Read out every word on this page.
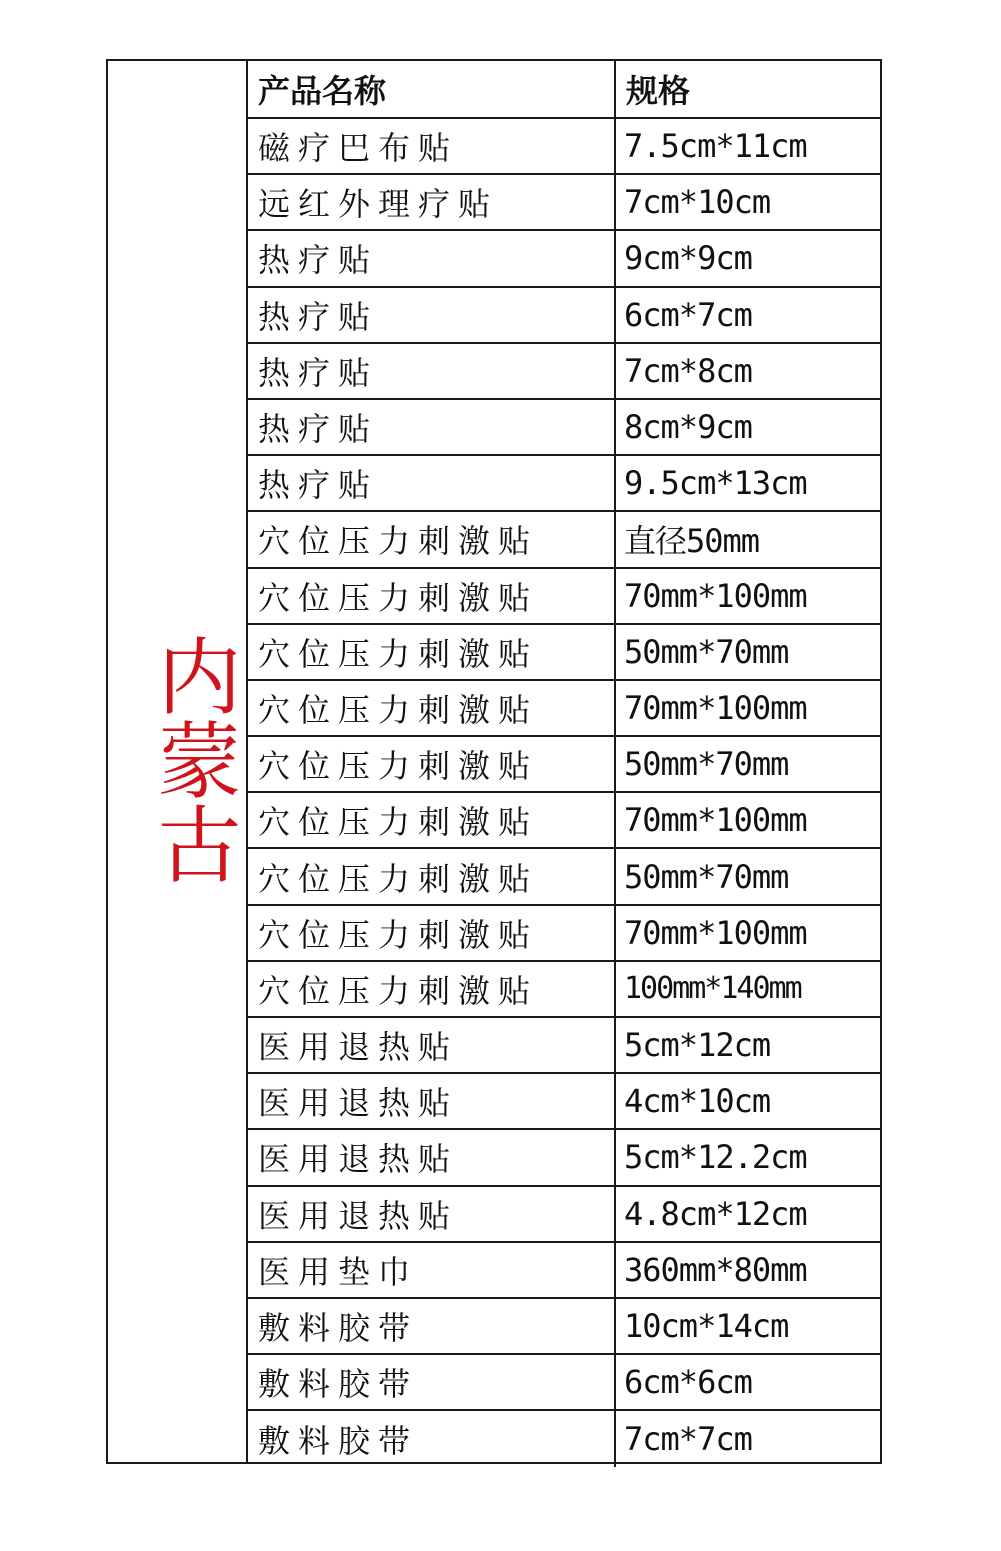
内蒙古
产品名称	规格
磁疗巴布贴	7.5cm*11cm
远红外理疗贴	7cm*10cm
热疗贴	9cm*9cm
热疗贴	6cm*7cm
热疗贴	7cm*8cm
热疗贴	8cm*9cm
热疗贴	9.5cm*13cm
穴位压力刺激贴	直径50mm
穴位压力刺激贴	70mm*100mm
穴位压力刺激贴	50mm*70mm
穴位压力刺激贴	70mm*100mm
穴位压力刺激贴	50mm*70mm
穴位压力刺激贴	70mm*100mm
穴位压力刺激贴	50mm*70mm
穴位压力刺激贴	70mm*100mm
穴位压力刺激贴	100mm*140mm
医用退热贴	5cm*12cm
医用退热贴	4cm*10cm
医用退热贴	5cm*12.2cm
医用退热贴	4.8cm*12cm
医用垫巾	360mm*80mm
敷料胶带	10cm*14cm
敷料胶带	6cm*6cm
敷料胶带	7cm*7cm
